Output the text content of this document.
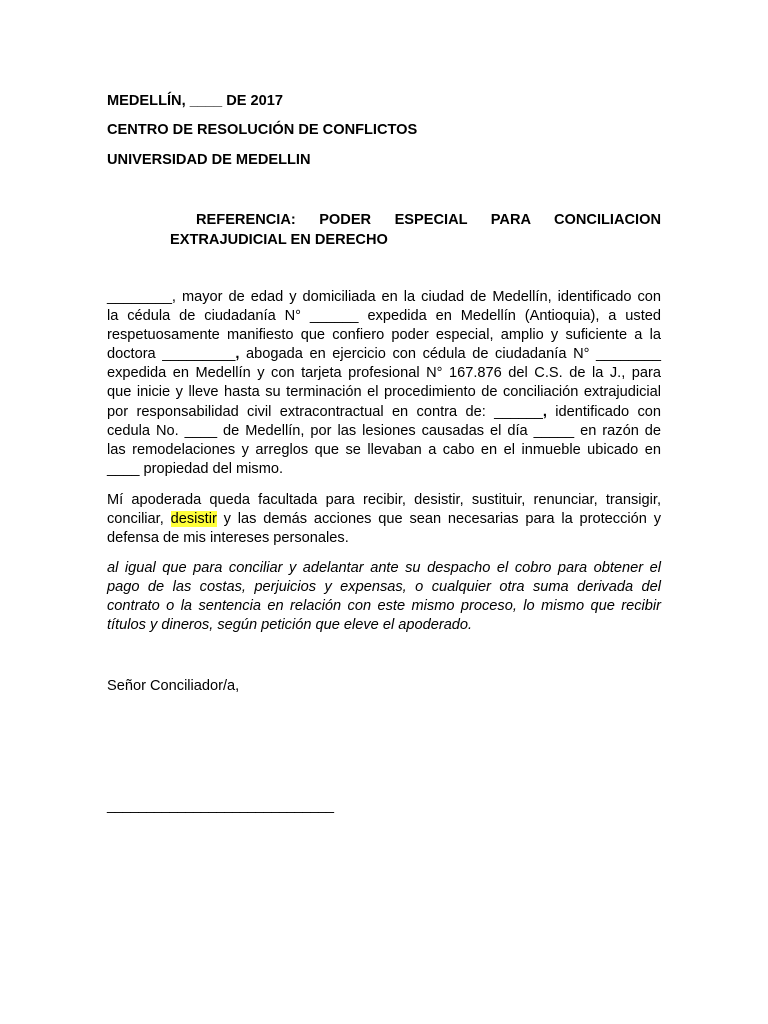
MEDELLÍN, ____ DE 2017
CENTRO DE RESOLUCIÓN DE CONFLICTOS
UNIVERSIDAD DE MEDELLIN
REFERENCIA: PODER ESPECIAL PARA CONCILIACION
EXTRAJUDICIAL EN DERECHO
________, mayor de edad y domiciliada en la ciudad de Medellín, identificado con
la cédula de ciudadanía N° ______ expedida en Medellín (Antioquia), a usted
respetuosamente manifiesto que confiero poder especial, amplio y suficiente a la
doctora _________, abogada en ejercicio con cédula de ciudadanía N° ________
expedida en Medellín y con tarjeta profesional N° 167.876 del C.S. de la J., para
que inicie y lleve hasta su terminación el procedimiento de conciliación extrajudicial
por responsabilidad civil extracontractual en contra de: ______, identificado con
cedula No. ____ de Medellín, por las lesiones causadas el día _____ en razón de
las remodelaciones y arreglos que se llevaban a cabo en el inmueble ubicado en
____ propiedad del mismo.
Mí apoderada queda facultada para recibir, desistir, sustituir, renunciar, transigir,
conciliar, desistir y las demás acciones que sean necesarias para la protección y
defensa de mis intereses personales.
al igual que para conciliar y adelantar ante su despacho el cobro para obtener el
pago de las costas, perjuicios y expensas, o cualquier otra suma derivada del
contrato o la sentencia en relación con este mismo proceso, lo mismo que recibir
títulos y dineros, según petición que eleve el apoderado.
Señor Conciliador/a,
_____________________________
